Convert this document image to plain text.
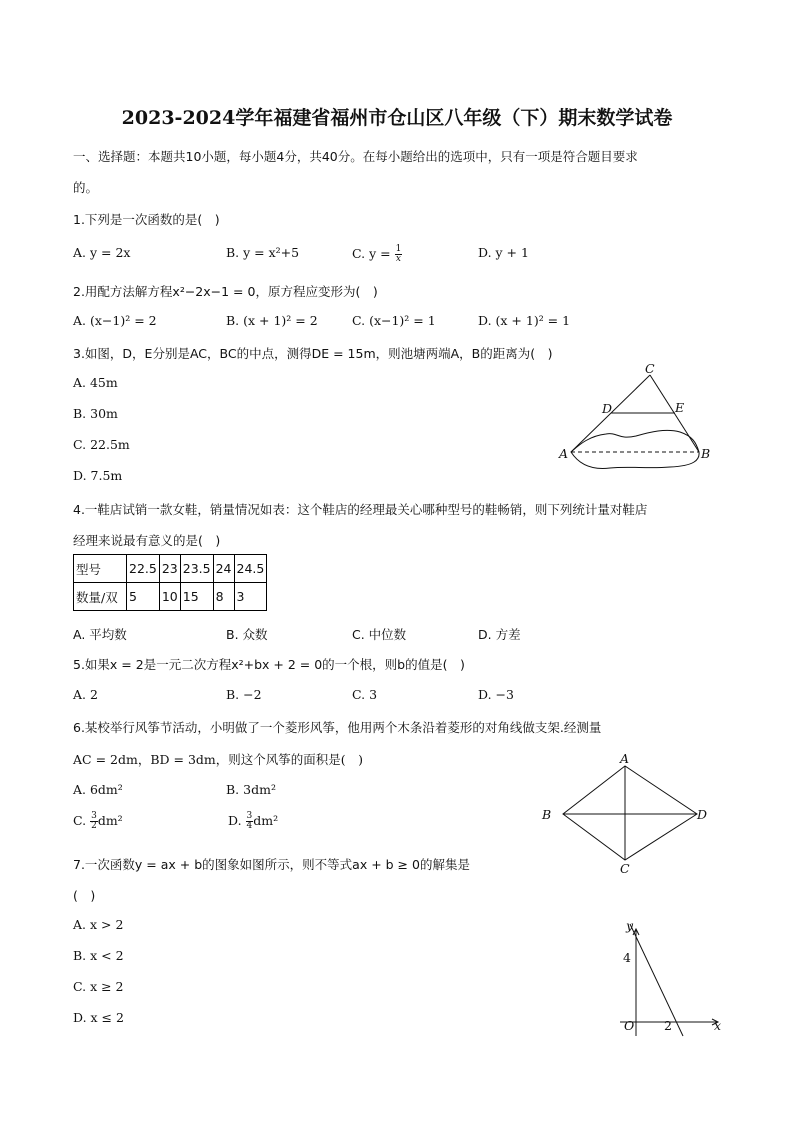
2023-2024学年福建省福州市仓山区八年级（下）期末数学试卷
一、选择题：本题共10小题，每小题4分，共40分。在每小题给出的选项中，只有一项是符合题目要求
的。
1.下列是一次函数的是(　)
A. y = 2x	B. y = x²+5	C. $y = \frac{1}{x}$	D. y + 1
2.用配方法解方程x²−2x−1 = 0，原方程应变形为(　)
A. (x−1)² = 2	B. (x + 1)² = 2	C. (x−1)² = 1	D. (x + 1)² = 1
3.如图，D，E分别是AC，BC的中点，测得DE = 15m，则池塘两端A，B的距离为(　)
A. 45m
B. 30m
C. 22.5m
D. 7.5m
C
D	E
A	B
4.一鞋店试销一款女鞋，销量情况如表：这个鞋店的经理最关心哪种型号的鞋畅销，则下列统计量对鞋店
经理来说最有意义的是(　)
型号	22.5	23	23.5	24	24.5
数量/双	5	10	15	8	3
A. 平均数	B. 众数	C. 中位数	D. 方差
5.如果x = 2是一元二次方程x²+bx + 2 = 0的一个根，则b的值是(　)
A. 2	B. −2	C. 3	D. −3
6.某校举行风筝节活动，小明做了一个菱形风筝，他用两个木条沿着菱形的对角线做支架.经测量
AC = 2dm，BD = 3dm，则这个风筝的面积是(　)
A. 6dm²	B. 3dm²
C. $\frac{3}{2} dm^2$	D. $\frac{3}{4} dm^2$
A
B
C
D
7.一次函数y = ax + b的图象如图所示，则不等式ax + b ≥ 0的解集是
(　)
A. x > 2
B. x < 2
C. x ≥ 2
D. x ≤ 2
y
x
O
4
2
